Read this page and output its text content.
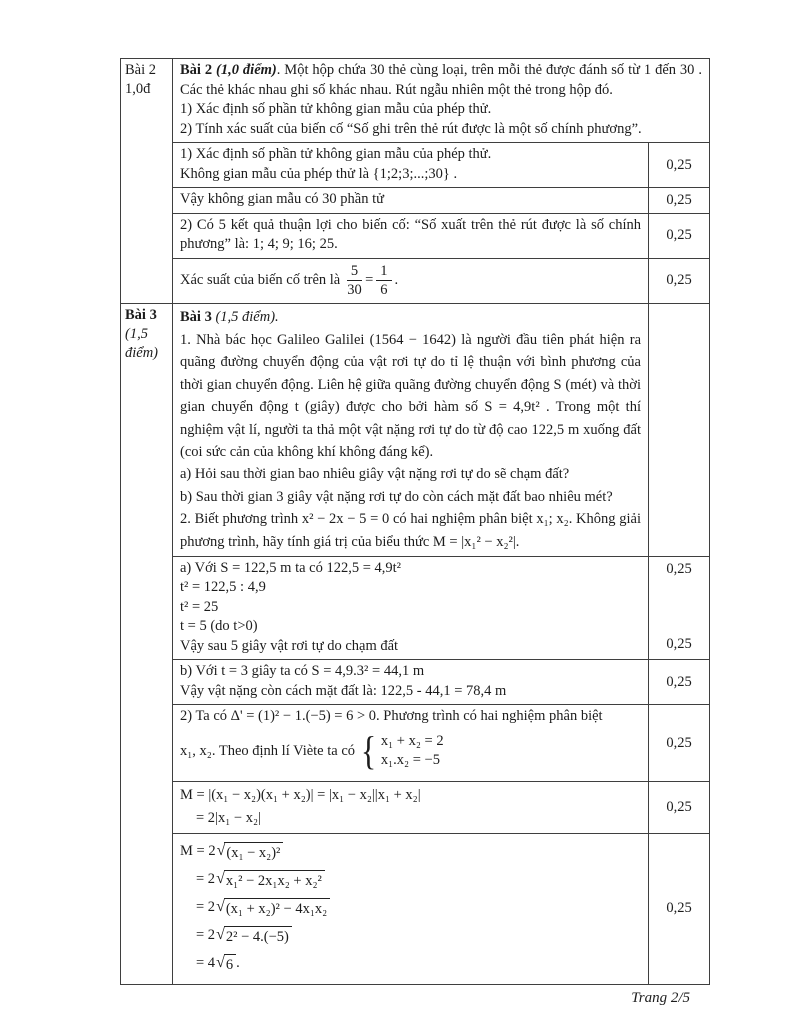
Bài 2
1,0đ

Bài 2 (1,0 điểm). Một hộp chứa 30 thẻ cùng loại, trên mỗi thẻ được đánh số từ 1 đến 30 . Các thẻ khác nhau ghi số khác nhau. Rút ngẫu nhiên một thẻ trong hộp đó.

1) Xác định số phần tử không gian mẫu của phép thử.

2) Tính xác suất của biến cố “Số ghi trên thẻ rút được là một số chính phương”.

1) Xác định số phần tử không gian mẫu của phép thử.

Không gian mẫu của phép thử là {1;2;3;...;30} .

0,25

Vậy không gian mẫu có 30 phần tử	0,25

2) Có 5 kết quả thuận lợi cho biến cố: “Số xuất trên thẻ rút được là số chính phương” là: 1; 4; 9; 16; 25.

0,25
Xác suất của biến cố trên là $\frac{5}{30} = \frac{1}{6}$ .	0,25
Bài 3
(1,5
điểm)

Bài 3 (1,5 điểm).

1. Nhà bác học Galileo Galilei (1564 − 1642) là người đầu tiên phát hiện ra quãng đường chuyển động của vật rơi tự do tỉ lệ thuận với bình phương của thời gian chuyển động. Liên hệ giữa quãng đường chuyển động S (mét) và thời gian chuyển động t (giây) được cho bởi hàm số S = 4,9t² . Trong một thí nghiệm vật lí, người ta thả một vật nặng rơi tự do từ độ cao 122,5 m xuống đất (coi sức cản của không khí không đáng kể).

a) Hỏi sau thời gian bao nhiêu giây vật nặng rơi tự do sẽ chạm đất?

b) Sau thời gian 3 giây vật nặng rơi tự do còn cách mặt đất bao nhiêu mét?

2. Biết phương trình x² − 2x − 5 = 0 có hai nghiệm phân biệt x₁; x₂. Không giải phương trình, hãy tính giá trị của biểu thức M = |x₁² − x₂²|.

a) Với S = 122,5 m ta có 122,5 = 4,9t²

t² = 122,5 : 4,9

t² = 25

t = 5 (do t>0)

Vậy sau 5 giây vật rơi tự do chạm đất

0,25
0,25

b) Với t = 3 giây ta có S = 4,9.3² = 44,1 m

Vậy vật nặng còn cách mặt đất là: 122,5 - 44,1 = 78,4 m

0,25

2) Ta có Δ' = (1)² − 1.(−5) = 6 > 0. Phương trình có hai nghiệm phân biệt

x₁, x₂. Theo định lí Viète ta có { x₁ + x₂ = 2
x₁.x₂ = −5

0,25

M = |(x₁ − x₂)(x₁ + x₂)| = |x₁ − x₂||x₁ + x₂|

= 2|x₁ − x₂|

0,25

M = 2 √ (x₁ − x₂)²

= 2 √ x₁² − 2x₁x₂ + x₂²

= 2 √ (x₁ + x₂)² − 4x₁x₂

= 2 √ 2² − 4.(−5)

= 4 √ 6 .

0,25
Trang 2/5
